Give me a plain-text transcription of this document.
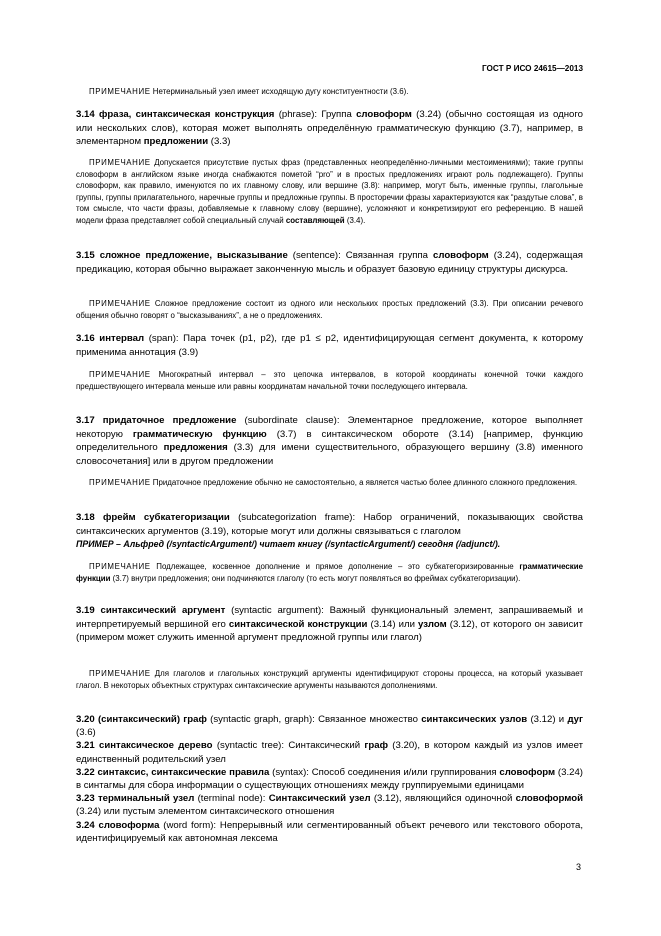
ГОСТ Р ИСО 24615—2013
ПРИМЕЧАНИЕ Нетерминальный узел имеет исходящую дугу конституентности (3.6).
3.14 фраза, синтаксическая конструкция (phrase): Группа словоформ (3.24) (обычно состоящая из одного или нескольких слов), которая может выполнять определённую грамматическую функцию (3.7), например, в элементарном предложении (3.3)
ПРИМЕЧАНИЕ Допускается присутствие пустых фраз (представленных неопределённо-личными местоимениями); такие группы словоформ в английском языке иногда снабжаются пометой “pro” и в простых предложениях играют роль подлежащего). Группы словоформ, как правило, именуются по их главному слову, или вершине (3.8): например, могут быть, именные группы, глагольные группы, группы прилагательного, наречные группы и предложные группы. В просторечии фразы характеризуются как “раздутые слова”, в том смысле, что части фразы, добавляемые к главному слову (вершине), усложняют и конкретизируют его референцию. В нашей модели фраза представляет собой специальный случай составляющей (3.4).
3.15 сложное предложение, высказывание (sentence): Связанная группа словоформ (3.24), содержащая предикацию, которая обычно выражает законченную мысль и образует базовую единицу структуры дискурса.
ПРИМЕЧАНИЕ Сложное предложение состоит из одного или нескольких простых предложений (3.3). При описании речевого общения обычно говорят о “высказываниях”, а не о предложениях.
3.16 интервал (span): Пара точек (p1, p2), где p1 ≤ p2, идентифицирующая сегмент документа, к которому применима аннотация (3.9)
ПРИМЕЧАНИЕ Многократный интервал – это цепочка интервалов, в которой координаты конечной точки каждого предшествующего интервала меньше или равны координатам начальной точки последующего интервала.
3.17 придаточное предложение (subordinate clause): Элементарное предложение, которое выполняет некоторую грамматическую функцию (3.7) в синтаксическом обороте (3.14) [например, функцию определительного предложения (3.3) для имени существительного, образующего вершину (3.8) именного словосочетания] или в другом предложении
ПРИМЕЧАНИЕ Придаточное предложение обычно не самостоятельно, а является частью более длинного сложного предложения.
3.18 фрейм субкатегоризации (subcategorization frame): Набор ограничений, показывающих свойства синтаксических аргументов (3.19), которые могут или должны связываться с глаголом
ПРИМЕР – Альфред (/syntacticArgument/) читает книгу (/syntacticArgument/) сегодня (/adjunct/).
ПРИМЕЧАНИЕ Подлежащее, косвенное дополнение и прямое дополнение – это субкатегоризированные грамматические функции (3.7) внутри предложения; они подчиняются глаголу (то есть могут появляться во фреймах субкатегоризации).
3.19 синтаксический аргумент (syntactic argument): Важный функциональный элемент, запрашиваемый и интерпретируемый вершиной его синтаксической конструкции (3.14) или узлом (3.12), от которого он зависит (примером может служить именной аргумент предложной группы или глагол)
ПРИМЕЧАНИЕ Для глаголов и глагольных конструкций аргументы идентифицируют стороны процесса, на который указывает глагол. В некоторых объектных структурах синтаксические аргументы называются дополнениями.
3.20 (синтаксический) граф (syntactic graph, graph): Связанное множество синтаксических узлов (3.12) и дуг (3.6)
3.21 синтаксическое дерево (syntactic tree): Синтаксический граф (3.20), в котором каждый из узлов имеет единственный родительский узел
3.22 синтаксис, синтаксические правила (syntax): Способ соединения и/или группирования словоформ (3.24) в синтагмы для сбора информации о существующих отношениях между группируемыми единицами
3.23 терминальный узел (terminal node): Синтаксический узел (3.12), являющийся одиночной словоформой (3.24) или пустым элементом синтаксического отношения
3.24 словоформа (word form): Непрерывный или сегментированный объект речевого или текстового оборота, идентифицируемый как автономная лексема
3
